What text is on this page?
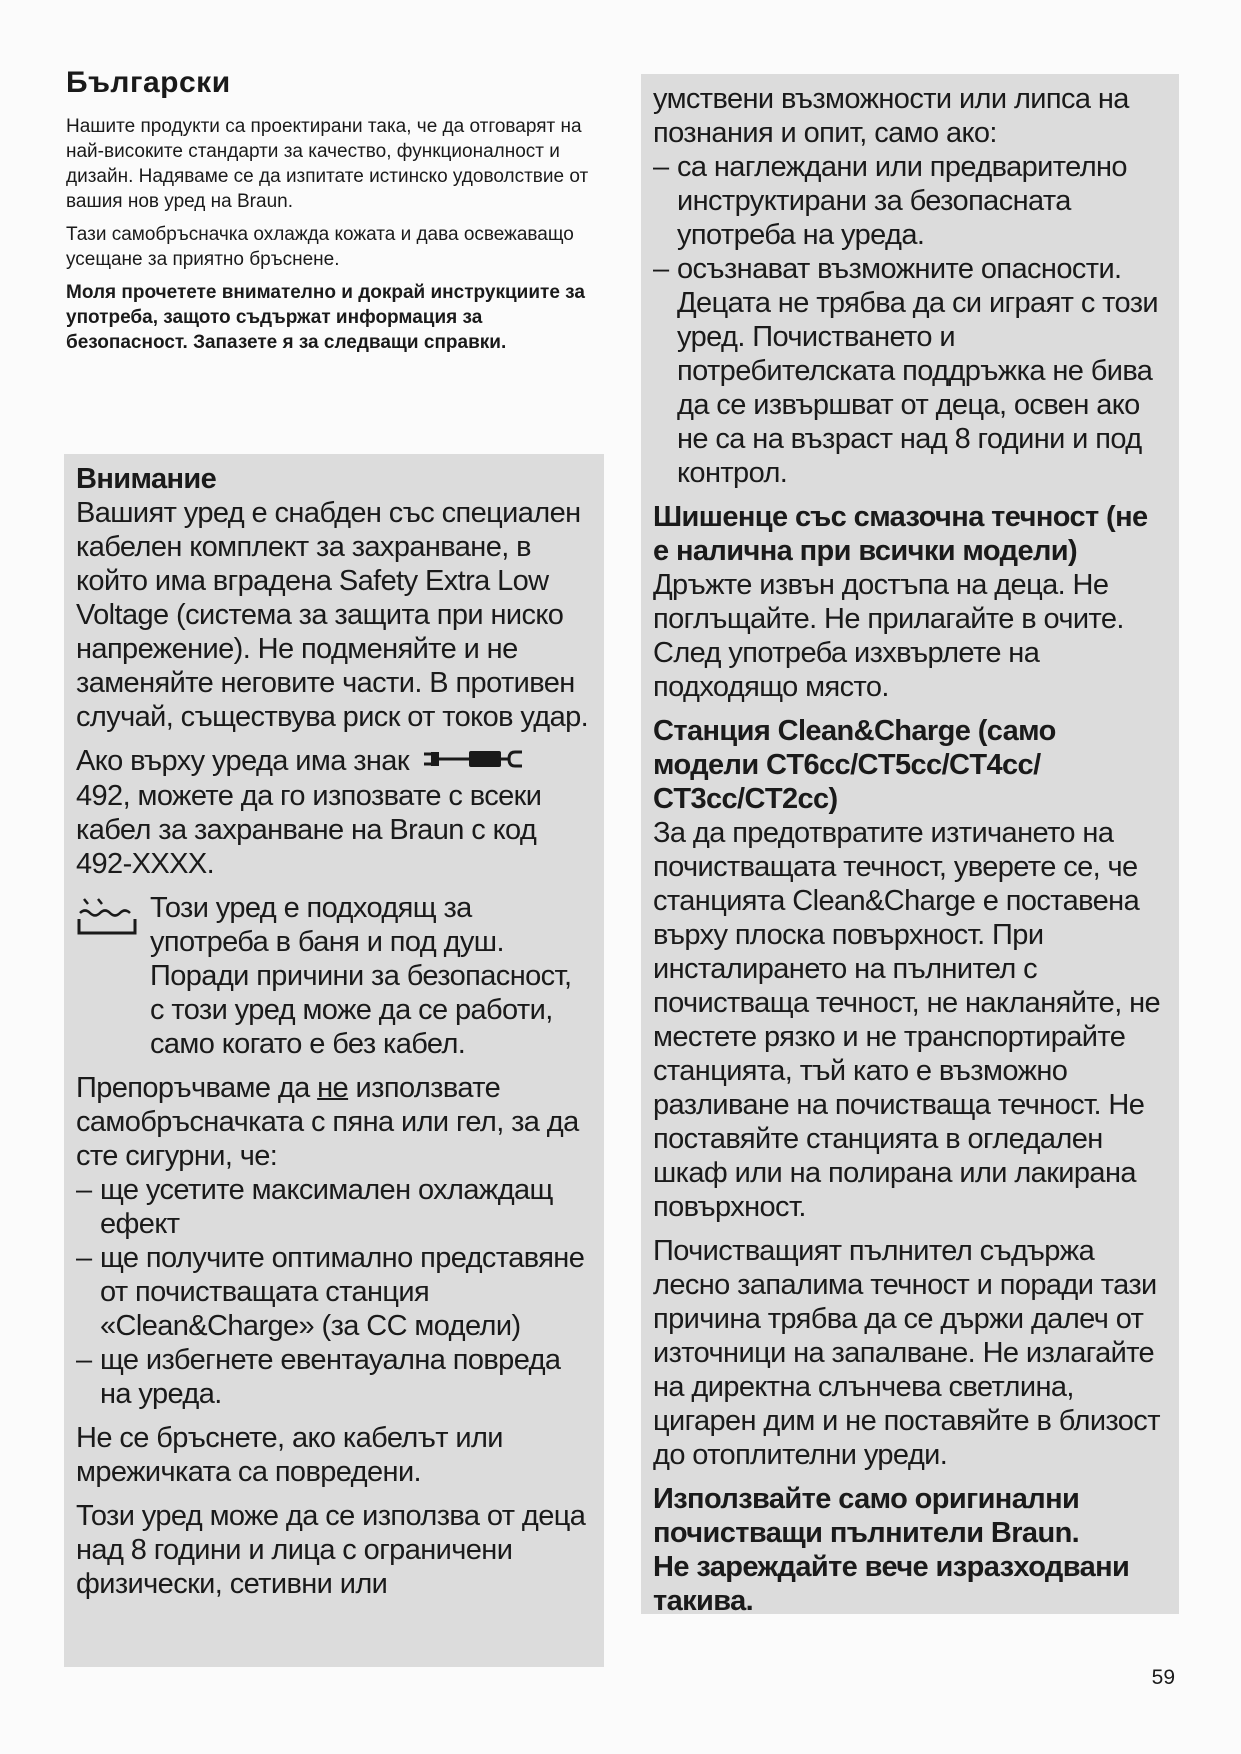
Български

Нашите продукти са проектирани така, че да отговарят на най-високите стандарти за качество, функционалност и дизайн. Надяваме се да изпитате истинско удоволствие от вашия нов уред на Braun.

Тази самобръсначка охлажда кожата и дава освежаващо усещане за приятно бръснене.

Моля прочетете внимателно и докрай инструкциите за употреба, защото съдържат информация за безопасност. Запазете я за следващи справки.

Внимание

Вашият уред е снабден със специален кабелен комплект за захранване, в който има вградена Safety Extra Low Voltage (система за защита при ниско напрежение). Не подменяйте и не заменяйте неговите части. В противен случай, съществува риск от токов удар.

Ако върху уреда има знак
492, можете да го изпозвате с всеки кабел за захранване на Braun с код 492-XXXX.

Този уред е подходящ за употреба в баня и под душ. Поради причини за безопасност, с този уред може да се работи, само когато е без кабел.

Препоръчваме да не използвате самобръсначката с пяна или гел, за да сте сигурни, че:

– ще усетите максимален охлаждащ ефект
– ще получите оптимално представяне от почистващата станция «Clean&Charge» (за CC модели)
– ще избегнете евентауална повреда на уреда.

Не се бръснете, ако кабелът или мрежичката са повредени.

Този уред може да се използва от деца над 8 години и лица с ограничени физически, сетивни или

умствени възможности или липса на познания и опит, само ако:

– са наглеждани или предварително инструктирани за безопасната употреба на уреда.
– осъзнават възможните опасности.
Децата не трябва да си играят с този уред. Почистването и потребителската поддръжка не бива да се извършват от деца, освен ако не са на възраст над 8 години и под контрол.

Шишенце със смазочна течност (не е налична при всички модели)

Дръжте извън достъпа на деца. Не поглъщайте. Не прилагайте в очите. След употреба изхвърлете на подходящо място.

Станция Clean&Charge (само модели CT6cc/CT5cc/CT4cc/ CT3cc/CT2cc)

За да предотвратите изтичането на почистващата течност, уверете се, че станцията Clean&Charge е поставена върху плоска повърхност. При инсталирането на пълнител с почистваща течност, не накланяйте, не местете рязко и не транспортирайте станцията, тъй като е възможно разливане на почистваща течност. Не поставяйте станцията в огледален шкаф или на полирана или лакирана повърхност.

Почистващият пълнител съдържа лесно запалима течност и поради тази причина трябва да се държи далеч от източници на запалване. Не излагайте на директна слънчева светлина, цигарен дим и не поставяйте в близост до отоплителни уреди.

Използвайте само оригинални почистващи пълнители Braun.

Не зареждайте вече изразходвани такива.

59
